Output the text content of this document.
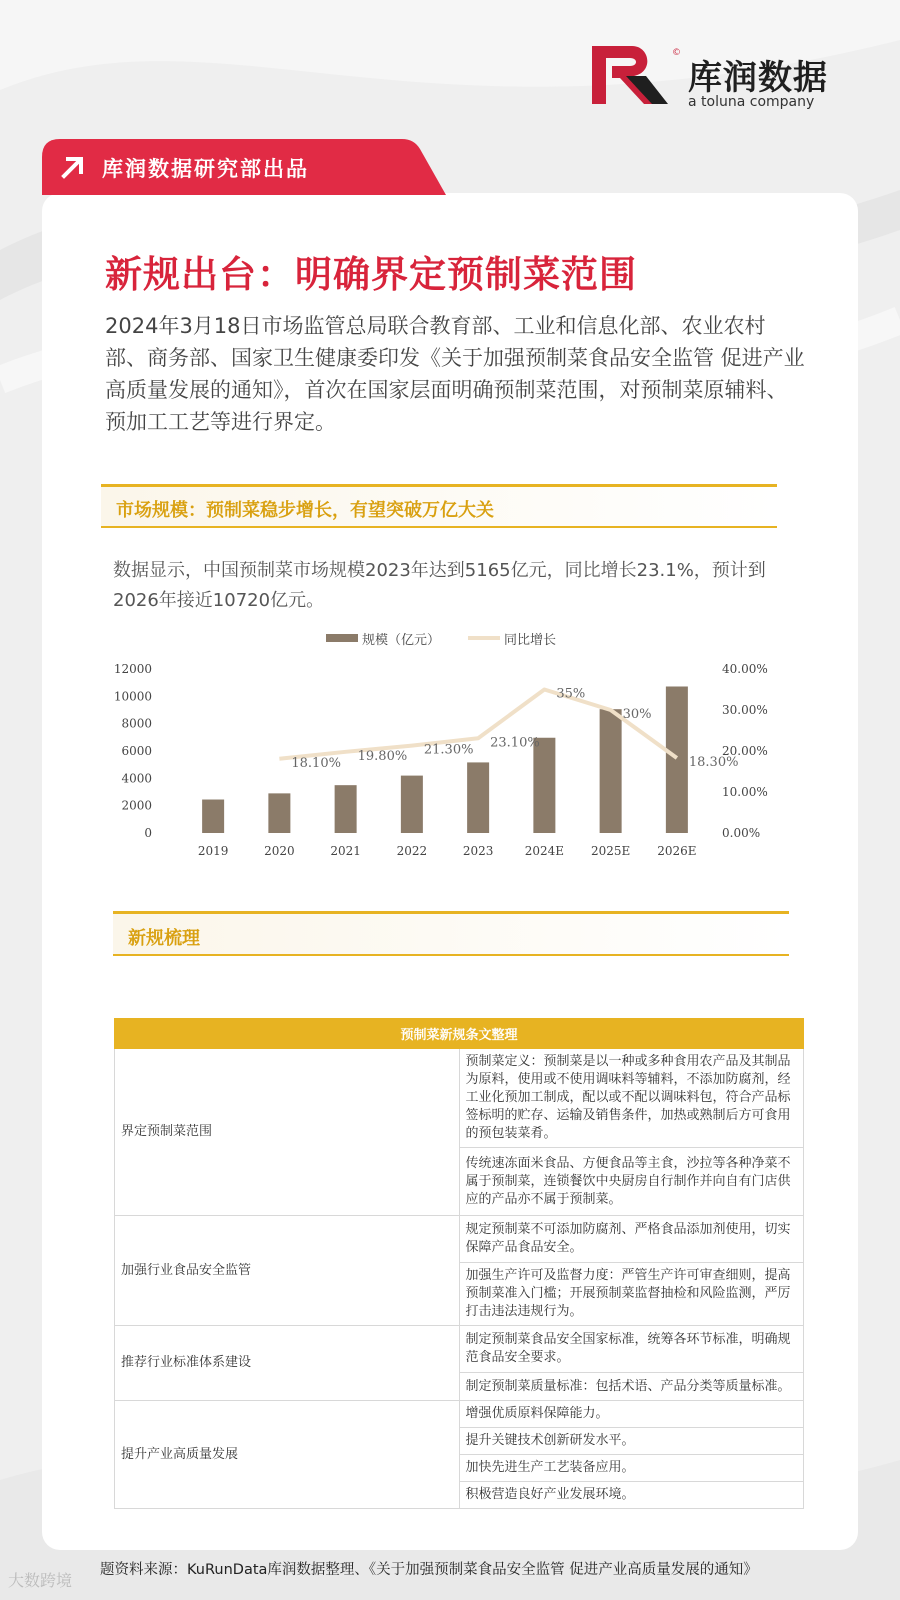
©
库润数据
a toluna company
库润数据研究部出品
新规出台：明确界定预制菜范围

2024年3月18日市场监管总局联合教育部、工业和信息化部、农业农村部、商务部、国家卫生健康委印发《关于加强预制菜食品安全监管 促进产业高质量发展的通知》，首次在国家层面明确预制菜范围，对预制菜原辅料、预加工工艺等进行界定。

市场规模：预制菜稳步增长，有望突破万亿大关

数据显示，中国预制菜市场规模2023年达到5165亿元，同比增长23.1%，预计到2026年接近10720亿元。

规模（亿元）	同比增长
0
2000
4000
6000
8000
10000
12000
0.00%
10.00%
20.00%
30.00%
40.00%
2019	2020	2021	2022	2023	2024E 2025E 2026E
18.10% 19.80% 21.30% 23.10%
35%
30%
18.30%
新规梳理
预制菜新规条文整理	
界定预制菜范围	预制菜定义：预制菜是以一种或多种食用农产品及其制品为原料，使用或不使用调味料等辅料，不添加防腐剂，经工业化预加工制成，配以或不配以调味料包，符合产品标签标明的贮存、运输及销售条件，加热或熟制后方可食用的预包装菜肴。
	传统速冻面米食品、方便食品等主食，沙拉等各种净菜不属于预制菜，连锁餐饮中央厨房自行制作并向自有门店供应的产品亦不属于预制菜。
加强行业食品安全监管	规定预制菜不可添加防腐剂、严格食品添加剂使用，切实保障产品食品安全。
	加强生产许可及监督力度：严管生产许可审查细则，提高预制菜准入门槛；开展预制菜监督抽检和风险监测，严厉打击违法违规行为。
推荐行业标准体系建设	制定预制菜食品安全国家标准，统筹各环节标准，明确规范食品安全要求。
	制定预制菜质量标准：包括术语、产品分类等质量标准。
提升产业高质量发展	增强优质原料保障能力。
	提升关键技术创新研发水平。
	加快先进生产工艺装备应用。
	积极营造良好产业发展环境。
题资料来源：KuRunData库润数据整理、《关于加强预制菜食品安全监管 促进产业高质量发展的通知》
大数跨境
